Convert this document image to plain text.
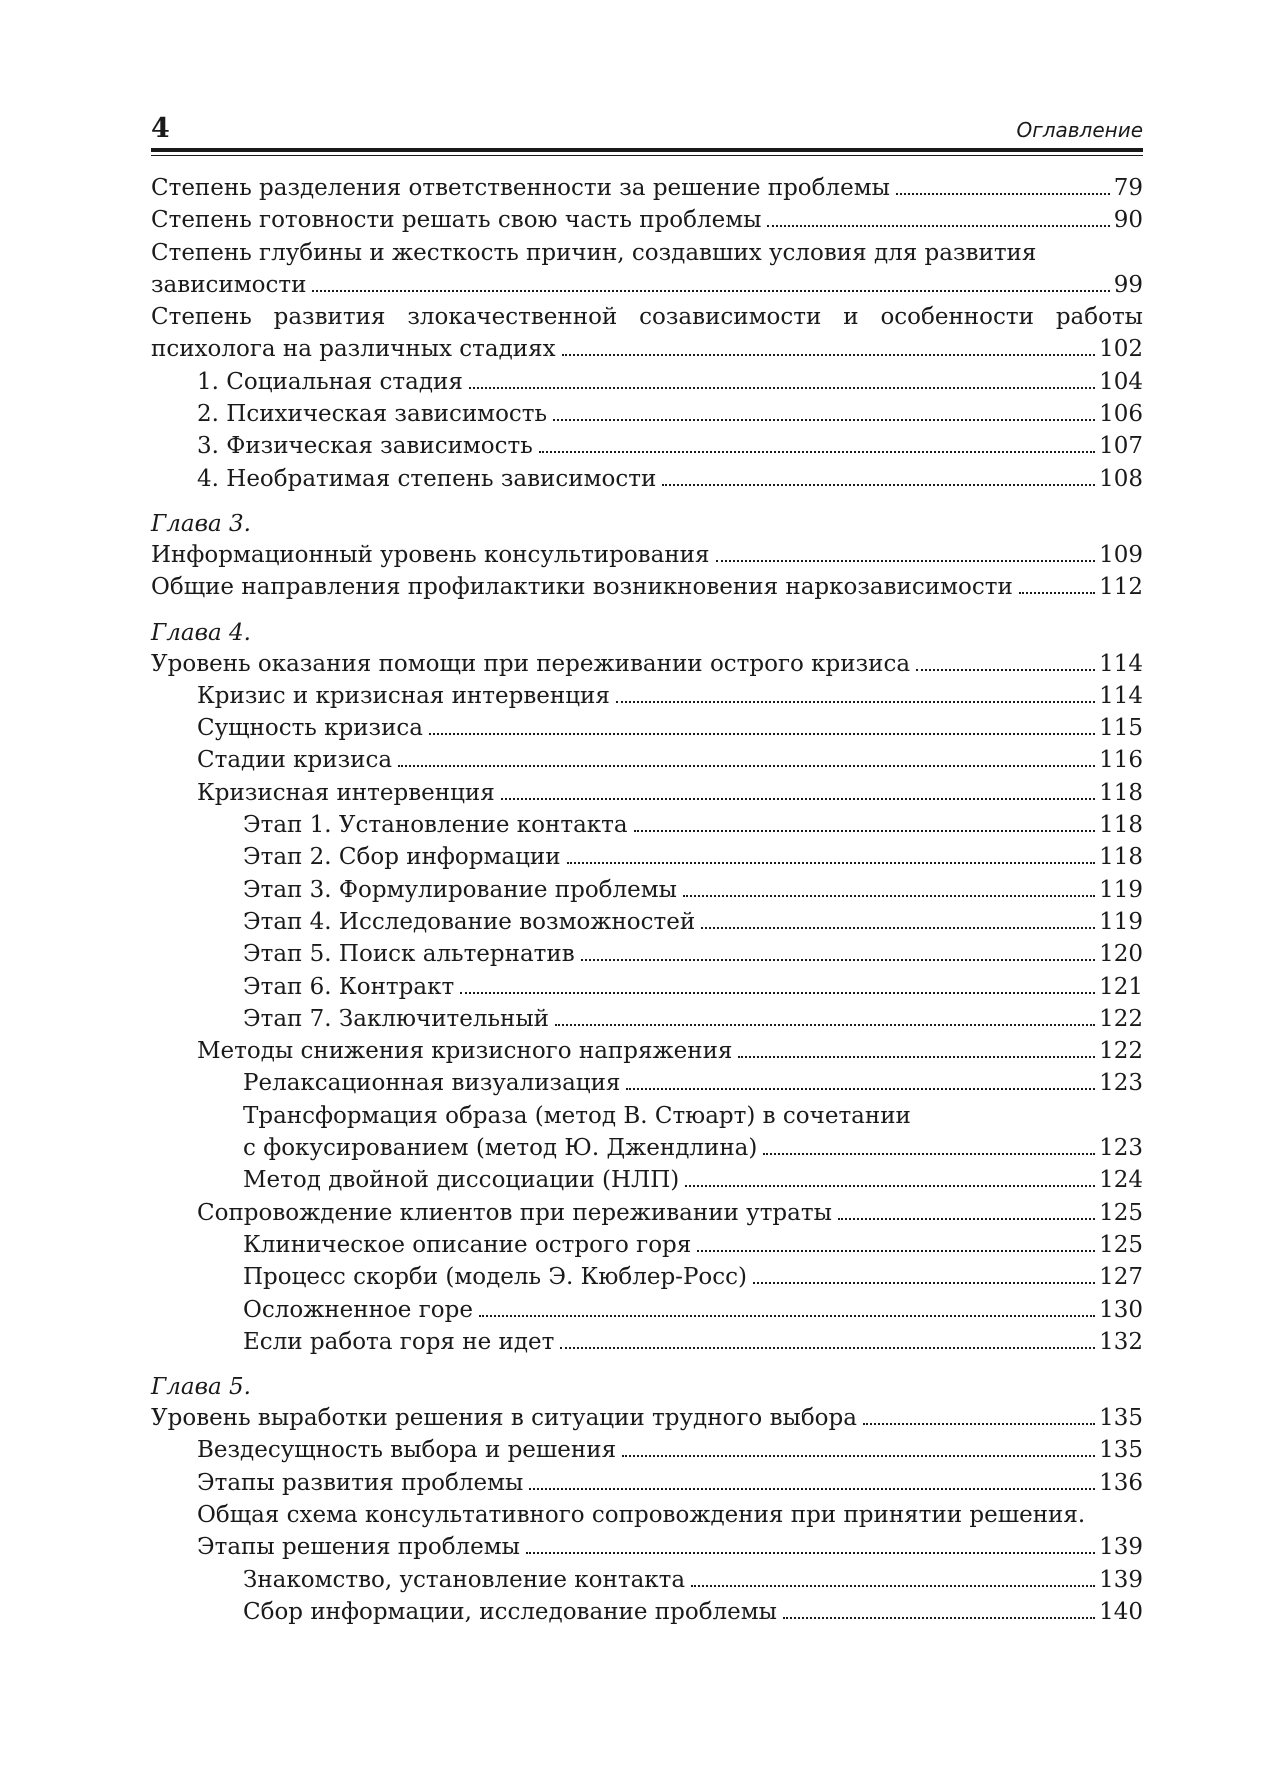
4	Оглавление
Степень разделения ответственности за решение проблемы	79
Степень готовности решать свою часть проблемы	90
Степень глубины и жесткость причин, создавших условия для развития
зависимости	99
Степень развития злокачественной созависимости и особенности работы
психолога на различных стадиях	102
1. Социальная стадия	104
2. Психическая зависимость	106
3. Физическая зависимость	107
4. Необратимая степень зависимости	108
Глава 3.
Информационный уровень консультирования	109
Общие направления профилактики возникновения наркозависимости	112
Глава 4.
Уровень оказания помощи при переживании острого кризиса	114
Кризис и кризисная интервенция	114
Сущность кризиса	115
Стадии кризиса	116
Кризисная интервенция	118
Этап 1. Установление контакта	118
Этап 2. Сбор информации	118
Этап 3. Формулирование проблемы	119
Этап 4. Исследование возможностей	119
Этап 5. Поиск альтернатив	120
Этап 6. Контракт	121
Этап 7. Заключительный	122
Методы снижения кризисного напряжения	122
Релаксационная визуализация	123
Трансформация образа (метод В. Стюарт) в сочетании
с фокусированием (метод Ю. Джендлина)	123
Метод двойной диссоциации (НЛП)	124
Сопровождение клиентов при переживании утраты	125
Клиническое описание острого горя	125
Процесс скорби (модель Э. Кюблер-Росс)	127
Осложненное горе	130
Если работа горя не идет	132
Глава 5.
Уровень выработки решения в ситуации трудного выбора	135
Вездесущность выбора и решения	135
Этапы развития проблемы	136
Общая схема консультативного сопровождения при принятии решения.
Этапы решения проблемы	139
Знакомство, установление контакта	139
Сбор информации, исследование проблемы	140
